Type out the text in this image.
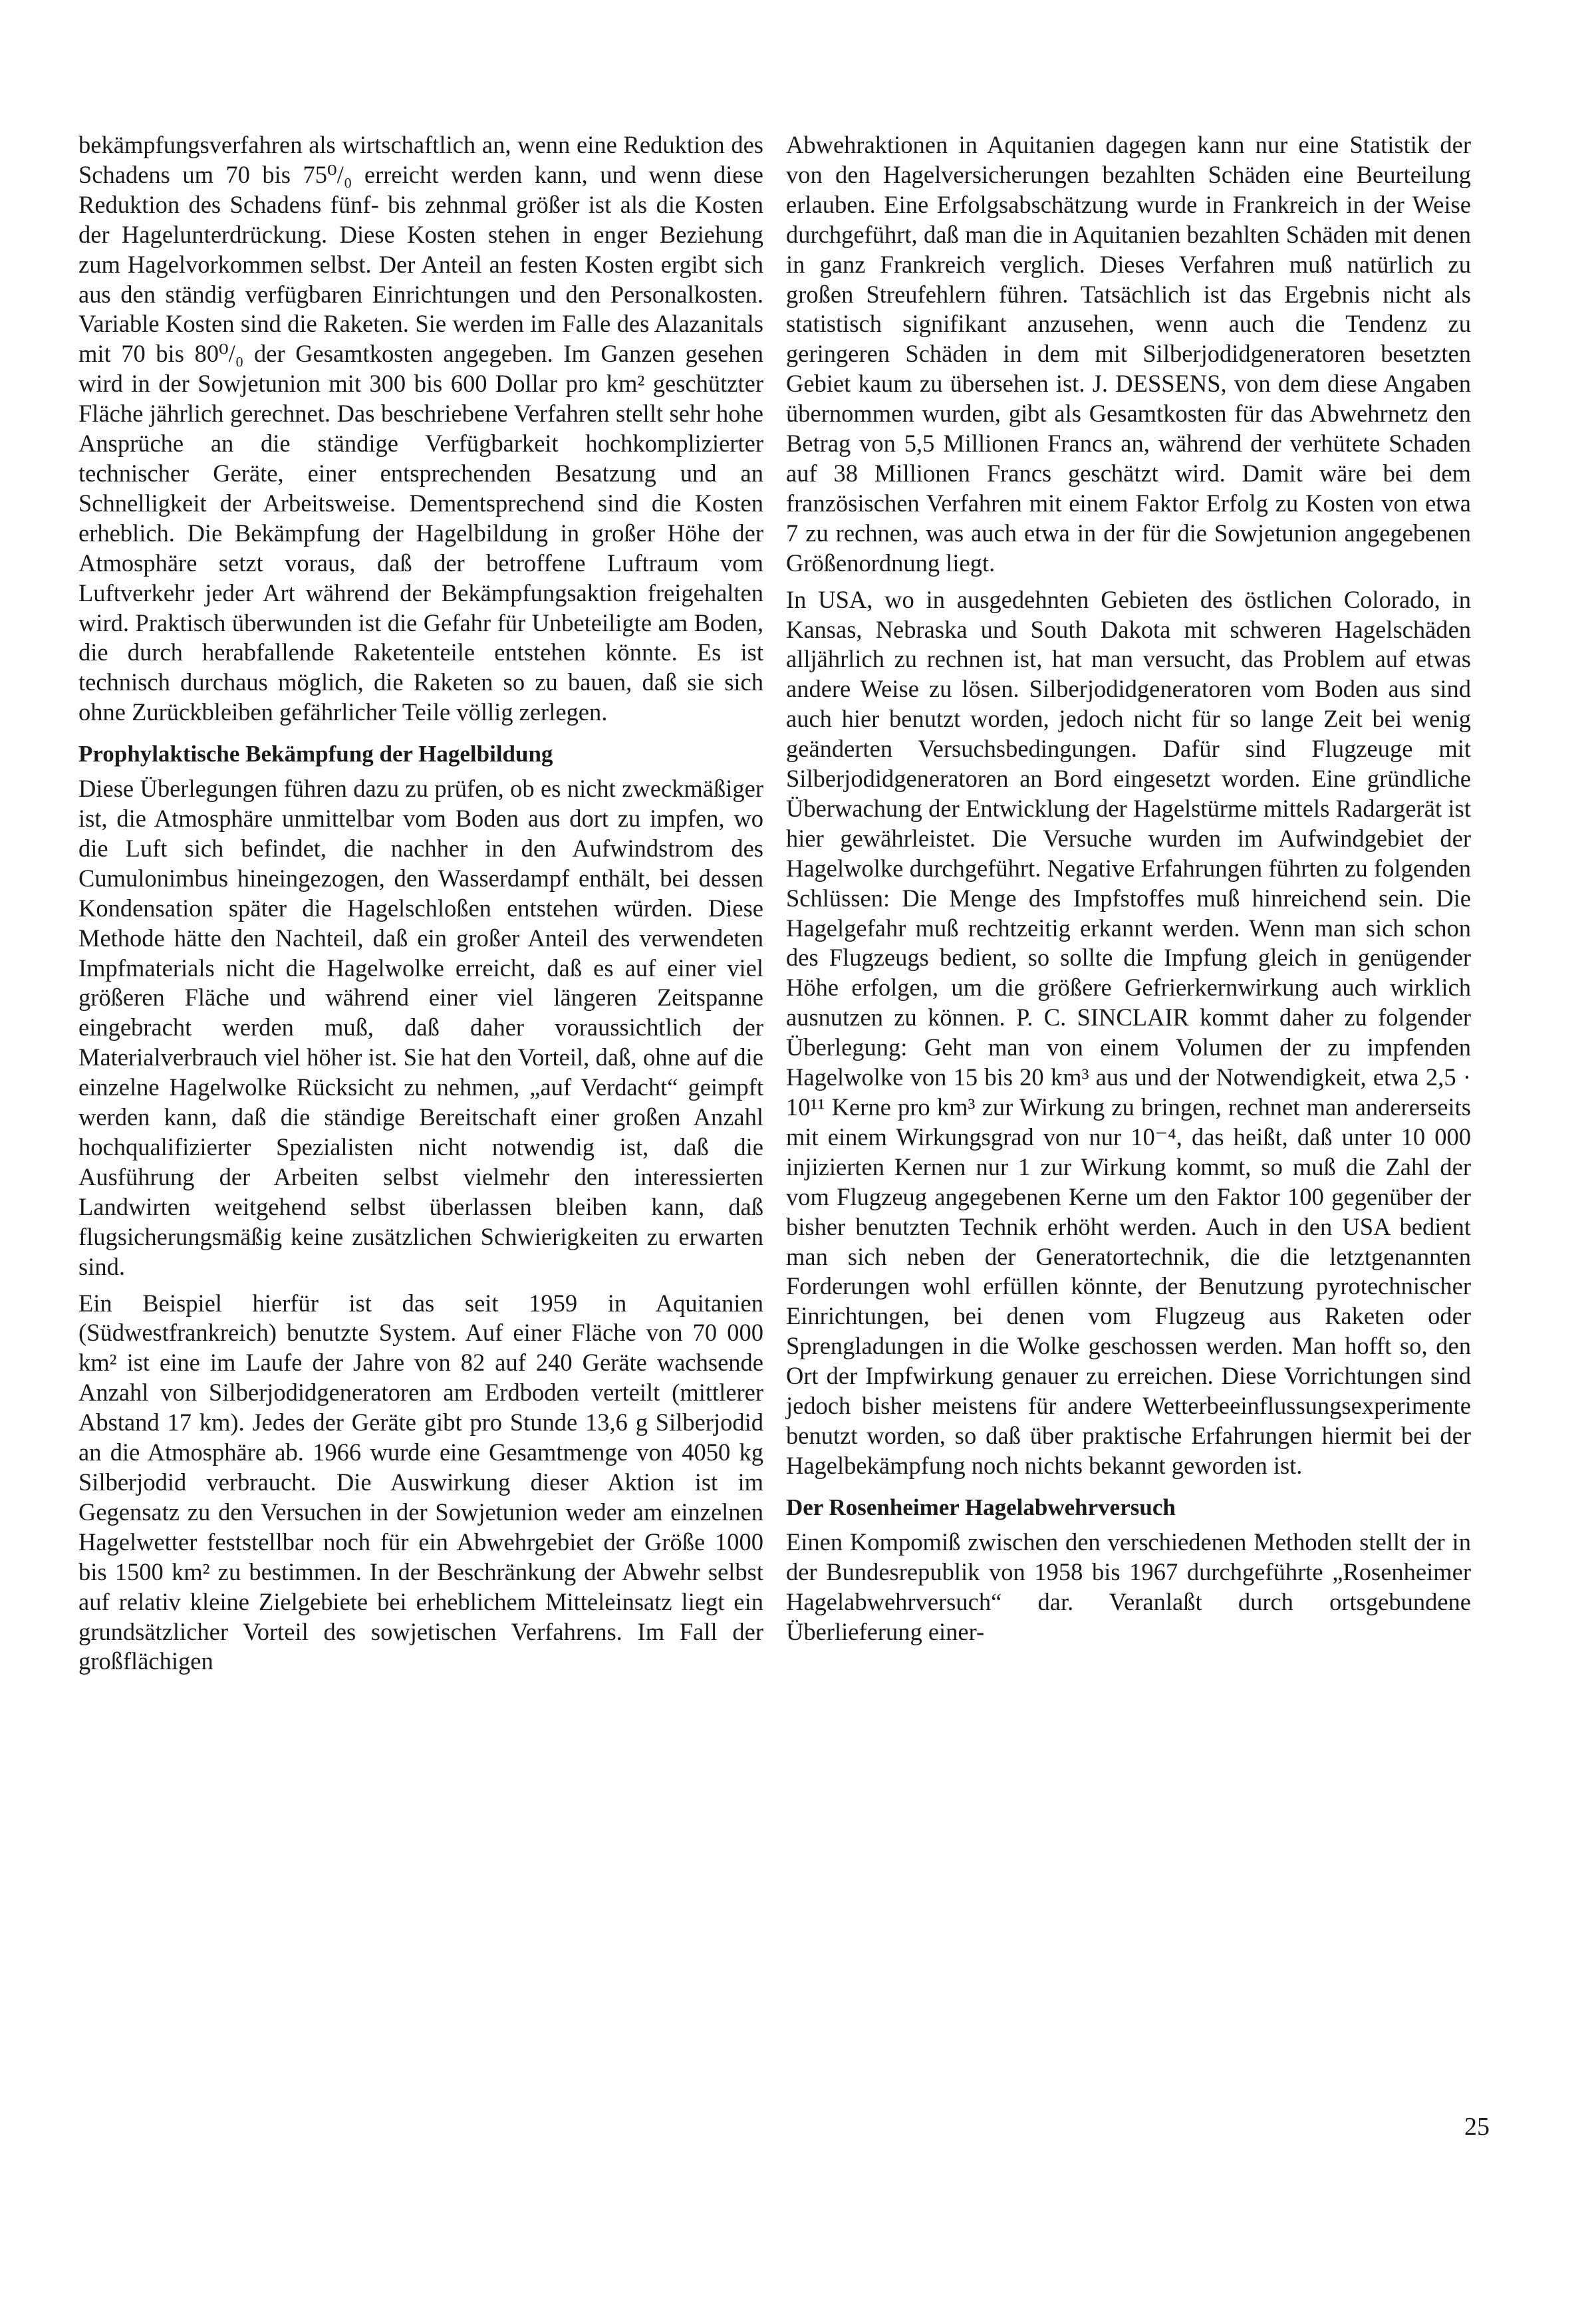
bekämpfungsverfahren als wirtschaftlich an, wenn eine Reduktion des Schadens um 70 bis 75⁰/₀ erreicht werden kann, und wenn diese Reduktion des Schadens fünf- bis zehnmal größer ist als die Kosten der Hagelunterdrückung. Diese Kosten stehen in enger Beziehung zum Hagelvorkommen selbst. Der Anteil an festen Kosten ergibt sich aus den ständig verfügbaren Einrichtungen und den Personalkosten. Variable Kosten sind die Raketen. Sie werden im Falle des Alazanitals mit 70 bis 80⁰/₀ der Gesamtkosten angegeben. Im Ganzen gesehen wird in der Sowjetunion mit 300 bis 600 Dollar pro km² geschützter Fläche jährlich gerechnet. Das beschriebene Verfahren stellt sehr hohe Ansprüche an die ständige Verfügbarkeit hochkomplizierter technischer Geräte, einer entsprechenden Besatzung und an Schnelligkeit der Arbeitsweise. Dementsprechend sind die Kosten erheblich. Die Bekämpfung der Hagelbildung in großer Höhe der Atmosphäre setzt voraus, daß der betroffene Luftraum vom Luftverkehr jeder Art während der Bekämpfungsaktion freigehalten wird. Praktisch überwunden ist die Gefahr für Unbeteiligte am Boden, die durch herabfallende Raketenteile entstehen könnte. Es ist technisch durchaus möglich, die Raketen so zu bauen, daß sie sich ohne Zurückbleiben gefährlicher Teile völlig zerlegen.

Prophylaktische Bekämpfung der Hagelbildung

Diese Überlegungen führen dazu zu prüfen, ob es nicht zweckmäßiger ist, die Atmosphäre unmittelbar vom Boden aus dort zu impfen, wo die Luft sich befindet, die nachher in den Aufwindstrom des Cumulonimbus hineingezogen, den Wasserdampf enthält, bei dessen Kondensation später die Hagelschloßen entstehen würden. Diese Methode hätte den Nachteil, daß ein großer Anteil des verwendeten Impfmaterials nicht die Hagelwolke erreicht, daß es auf einer viel größeren Fläche und während einer viel längeren Zeitspanne eingebracht werden muß, daß daher voraussichtlich der Materialverbrauch viel höher ist. Sie hat den Vorteil, daß, ohne auf die einzelne Hagelwolke Rücksicht zu nehmen, „auf Verdacht“ geimpft werden kann, daß die ständige Bereitschaft einer großen Anzahl hochqualifizierter Spezialisten nicht notwendig ist, daß die Ausführung der Arbeiten selbst vielmehr den interessierten Landwirten weitgehend selbst überlassen bleiben kann, daß flugsicherungsmäßig keine zusätzlichen Schwierigkeiten zu erwarten sind.

Ein Beispiel hierfür ist das seit 1959 in Aquitanien (Südwestfrankreich) benutzte System. Auf einer Fläche von 70 000 km² ist eine im Laufe der Jahre von 82 auf 240 Geräte wachsende Anzahl von Silberjodidgeneratoren am Erdboden verteilt (mittlerer Abstand 17 km). Jedes der Geräte gibt pro Stunde 13,6 g Silberjodid an die Atmosphäre ab. 1966 wurde eine Gesamtmenge von 4050 kg Silberjodid verbraucht. Die Auswirkung dieser Aktion ist im Gegensatz zu den Versuchen in der Sowjetunion weder am einzelnen Hagelwetter feststellbar noch für ein Abwehrgebiet der Größe 1000 bis 1500 km² zu bestimmen. In der Beschränkung der Abwehr selbst auf relativ kleine Zielgebiete bei erheblichem Mitteleinsatz liegt ein grundsätzlicher Vorteil des sowjetischen Verfahrens. Im Fall der großflächigen

Abwehraktionen in Aquitanien dagegen kann nur eine Statistik der von den Hagelversicherungen bezahlten Schäden eine Beurteilung erlauben. Eine Erfolgsabschätzung wurde in Frankreich in der Weise durchgeführt, daß man die in Aquitanien bezahlten Schäden mit denen in ganz Frankreich verglich. Dieses Verfahren muß natürlich zu großen Streufehlern führen. Tatsächlich ist das Ergebnis nicht als statistisch signifikant anzusehen, wenn auch die Tendenz zu geringeren Schäden in dem mit Silberjodidgeneratoren besetzten Gebiet kaum zu übersehen ist. J. DESSENS, von dem diese Angaben übernommen wurden, gibt als Gesamtkosten für das Abwehrnetz den Betrag von 5,5 Millionen Francs an, während der verhütete Schaden auf 38 Millionen Francs geschätzt wird. Damit wäre bei dem französischen Verfahren mit einem Faktor Erfolg zu Kosten von etwa 7 zu rechnen, was auch etwa in der für die Sowjetunion angegebenen Größenordnung liegt.

In USA, wo in ausgedehnten Gebieten des östlichen Colorado, in Kansas, Nebraska und South Dakota mit schweren Hagelschäden alljährlich zu rechnen ist, hat man versucht, das Problem auf etwas andere Weise zu lösen. Silberjodidgeneratoren vom Boden aus sind auch hier benutzt worden, jedoch nicht für so lange Zeit bei wenig geänderten Versuchsbedingungen. Dafür sind Flugzeuge mit Silberjodidgeneratoren an Bord eingesetzt worden. Eine gründliche Überwachung der Entwicklung der Hagelstürme mittels Radargerät ist hier gewährleistet. Die Versuche wurden im Aufwindgebiet der Hagelwolke durchgeführt. Negative Erfahrungen führten zu folgenden Schlüssen: Die Menge des Impfstoffes muß hinreichend sein. Die Hagelgefahr muß rechtzeitig erkannt werden. Wenn man sich schon des Flugzeugs bedient, so sollte die Impfung gleich in genügender Höhe erfolgen, um die größere Gefrierkernwirkung auch wirklich ausnutzen zu können. P. C. SINCLAIR kommt daher zu folgender Überlegung: Geht man von einem Volumen der zu impfenden Hagelwolke von 15 bis 20 km³ aus und der Notwendigkeit, etwa 2,5 · 10¹¹ Kerne pro km³ zur Wirkung zu bringen, rechnet man andererseits mit einem Wirkungsgrad von nur 10⁻⁴, das heißt, daß unter 10 000 injizierten Kernen nur 1 zur Wirkung kommt, so muß die Zahl der vom Flugzeug angegebenen Kerne um den Faktor 100 gegenüber der bisher benutzten Technik erhöht werden. Auch in den USA bedient man sich neben der Generatortechnik, die die letztgenannten Forderungen wohl erfüllen könnte, der Benutzung pyrotechnischer Einrichtungen, bei denen vom Flugzeug aus Raketen oder Sprengladungen in die Wolke geschossen werden. Man hofft so, den Ort der Impfwirkung genauer zu erreichen. Diese Vorrichtungen sind jedoch bisher meistens für andere Wetterbeeinflussungsexperimente benutzt worden, so daß über praktische Erfahrungen hiermit bei der Hagelbekämpfung noch nichts bekannt geworden ist.

Der Rosenheimer Hagelabwehrversuch

Einen Kompomiß zwischen den verschiedenen Methoden stellt der in der Bundesrepublik von 1958 bis 1967 durchgeführte „Rosenheimer Hagelabwehrversuch“ dar. Veranlaßt durch ortsgebundene Überlieferung einer-

25
